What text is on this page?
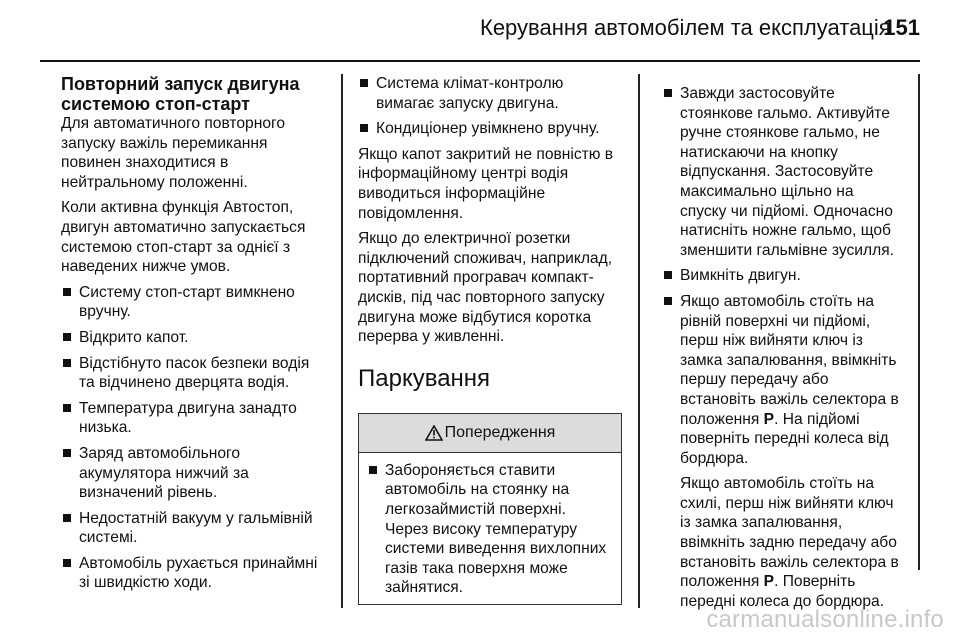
Керування автомобілем та експлуатація
151
Повторний запуск двигуна
системою стоп-старт

Для автоматичного повторного
запуску важіль перемикання
повинен знаходитися в
нейтральному положенні.

Коли активна функція Автостоп,
двигун автоматично запускається
системою стоп-старт за однієї з
наведених нижче умов.

Систему стоп-старт вимкнено
вручну.
Відкрито капот.
Відстібнуто пасок безпеки водія
та відчинено дверцята водія.
Температура двигуна занадто
низька.
Заряд автомобільного
акумулятора нижчий за
визначений рівень.
Недостатній вакуум у гальмівній
системі.
Автомобіль рухається принаймні
зі швидкістю ходи.
Система клімат-контролю
вимагає запуску двигуна.
Кондиціонер увімкнено вручну.

Якщо капот закритий не повністю в
інформаційному центрі водія
виводиться інформаційне
повідомлення.

Якщо до електричної розетки
підключений споживач, наприклад,
портативний програвач компакт-
дисків, під час повторного запуску
двигуна може відбутися коротка
перерва у живленні.

Паркування
Попередження
Забороняється ставити
автомобіль на стоянку на
легкозаймистій поверхні.
Через високу температуру
системи виведення вихлопних
газів така поверхня може
зайнятися.
Завжди застосовуйте
стоянкове гальмо. Активуйте
ручне стоянкове гальмо, не
натискаючи на кнопку
відпускання. Застосовуйте
максимально щільно на
спуску чи підйомі. Одночасно
натисніть ножне гальмо, щоб
зменшити гальмівне зусилля.
Вимкніть двигун.
Якщо автомобіль стоїть на
рівній поверхні чи підйомі,
перш ніж вийняти ключ із
замка запалювання, ввімкніть
першу передачу або
встановіть важіль селектора в
положення P. На підйомі
поверніть передні колеса від
бордюра.

Якщо автомобіль стоїть на
схилі, перш ніж вийняти ключ
із замка запалювання,
ввімкніть задню передачу або
встановіть важіль селектора в
положення P. Поверніть
передні колеса до бордюра.

carmanualsonline.info
